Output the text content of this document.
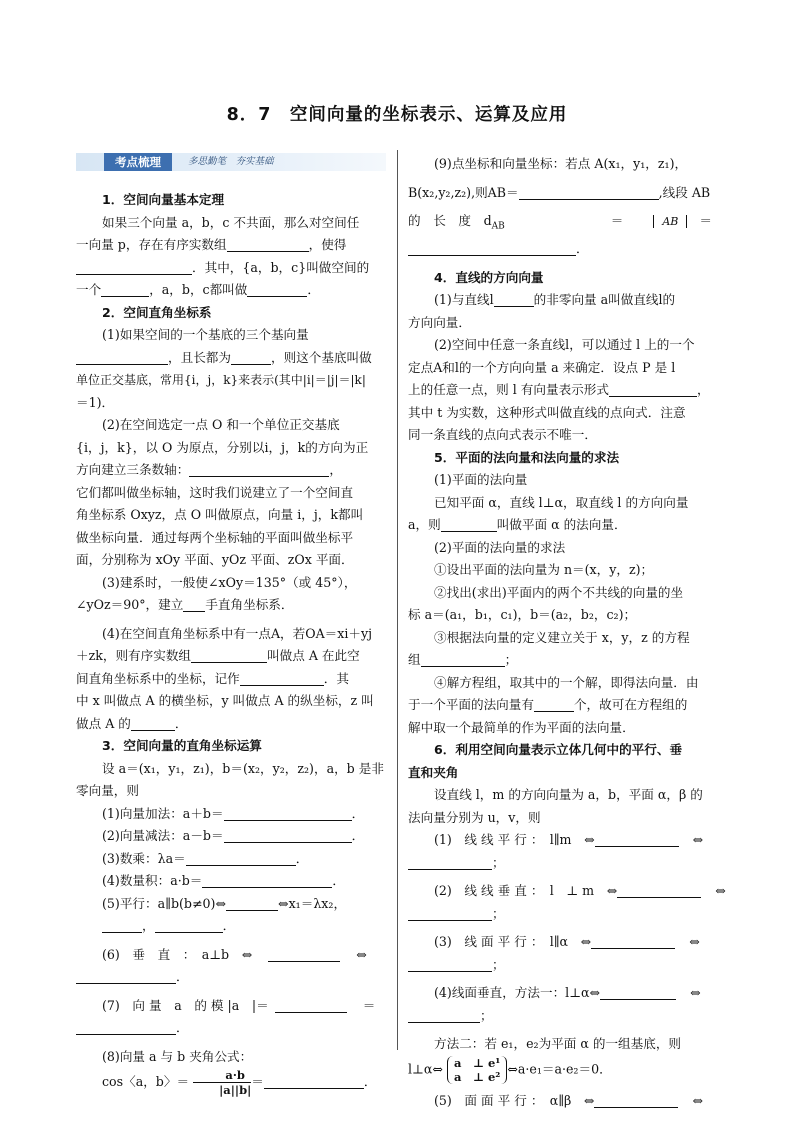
8．7　空间向量的坐标表示、运算及应用
考点梳理	多思勤笔　夯实基础

1．空间向量基本定理

如果三个向量 a，b，c 不共面，那么对空间任

一向量 p，存在有序实数组	，使得

．其中，{a，b，c}叫做空间的

一个	，a，b，c都叫做	．

2．空间直角坐标系

(1)如果空间的一个基底的三个基向量

，且长都为	，则这个基底叫做

单位正交基底，常用{i，j，k}来表示(其中|i|＝|j|＝|k|

＝1)．

(2)在空间选定一点 O 和一个单位正交基底

{i，j，k}，以 O 为原点，分别以i，j，k的方向为正

方向建立三条数轴：	，

它们都叫做坐标轴，这时我们说建立了一个空间直

角坐标系 Oxyz，点 O 叫做原点，向量 i，j，k都叫

做坐标向量．通过每两个坐标轴的平面叫做坐标平

面，分别称为 xOy 平面、yOz 平面、zOx 平面．

(3)建系时，一般使∠xOy＝135°（或 45°），

∠yOz＝90°，建立 手直角坐标系．

(4)在空间直角坐标系中有一点A，若OA＝xi＋yj

＋zk，则有序实数组	叫做点 A 在此空

间直角坐标系中的坐标，记作	．其

中 x 叫做点 A 的横坐标，y 叫做点 A 的纵坐标，z 叫

做点 A 的	．

3．空间向量的直角坐标运算

设 a＝(x₁，y₁，z₁)，b＝(x₂，y₂，z₂)，a，b 是非

零向量，则

(1)向量加法：a＋b＝	．

(2)向量减法：a－b＝	．

(3)数乘：λa＝	．

(4)数量积：a·b＝	．

(5)平行：a∥b(b≠0)⇔	⇔x₁＝λx₂，

，	．

(6)　垂　直　：　a⊥b　⇔	⇔

．

(7)　向 量　a　的 模 |a　|＝	＝

．

(8)向量 a 与 b 夹角公式：

cos〈a，b〉＝ $\frac{a\cdot b}{|a||b|}$ ＝	．

(9)点坐标和向量坐标：若点 A(x₁，y₁，z₁)，

B(x₂,y₂,z₂),则AB＝	,线段 AB

的　长　度　$d_{AB}$	＝	AB ＝

．

4．直线的方向向量

(1)与直线l	的非零向量 a叫做直线l的

方向向量．

(2)空间中任意一条直线l，可以通过 l 上的一个

定点A和l的一个方向向量 a 来确定．设点 P 是 l

上的任意一点，则 l 有向量表示形式	，

其中 t 为实数，这种形式叫做直线的点向式．注意

同一条直线的点向式表示不唯一．

5．平面的法向量和法向量的求法

(1)平面的法向量

已知平面 α，直线 l⊥α，取直线 l 的方向向量

a，则	叫做平面 α 的法向量．

(2)平面的法向量的求法

①设出平面的法向量为 n＝(x，y，z)；

②找出(求出)平面内的两个不共线的向量的坐

标 a＝(a₁，b₁，c₁)，b＝(a₂，b₂，c₂)；

③根据法向量的定义建立关于 x，y，z 的方程

组	；

④解方程组，取其中的一个解，即得法向量．由

于一个平面的法向量有	个，故可在方程组的

解中取一个最简单的作为平面的法向量．

6．利用空间向量表示立体几何中的平行、垂

直和夹角

设直线 l，m 的方向向量为 a，b，平面 α，β 的

法向量分别为 u，v，则

(1)　线 线 平 行 ：　l∥m　⇔	⇔

；

(2)　线 线 垂 直 ：　l　⊥ m　⇔	⇔

；

(3)　线 面 平 行 ：　l∥α　⇔	⇔

；

(4)线面垂直，方法一：l⊥α⇔	⇔

；

方法二：若 e₁，e₂为平面 α 的一组基底，则

l⊥α⇔ a　⊥ e¹
a　⊥ e²
⇔a·e₁＝a·e₂＝0．

(5)　面 面 平 行 ：　α∥β　⇔	⇔
